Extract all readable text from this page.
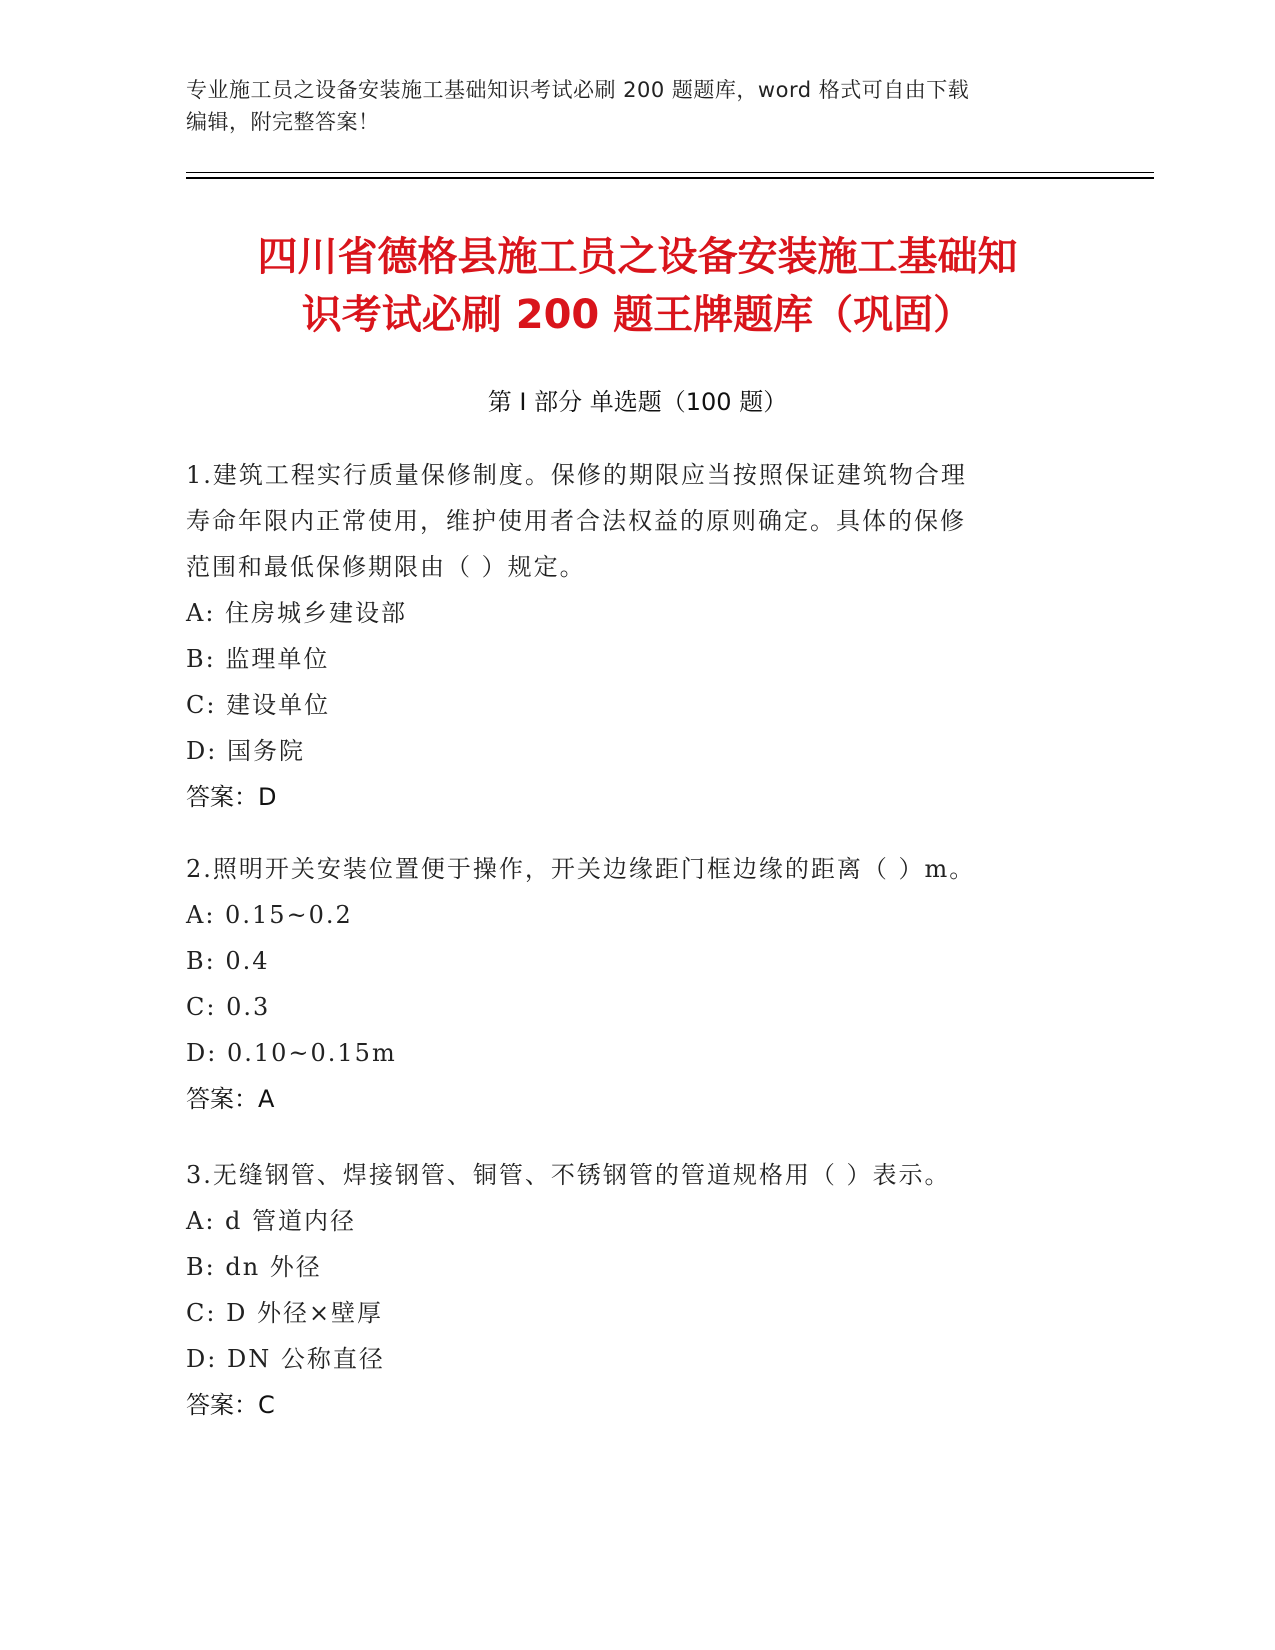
专业施工员之设备安装施工基础知识考试必刷 200 题题库，word 格式可自由下载
编辑，附完整答案！
四川省德格县施工员之设备安装施工基础知
识考试必刷 200 题王牌题库（巩固）
第 I 部分 单选题（100 题）
1.建筑工程实行质量保修制度。保修的期限应当按照保证建筑物合理
寿命年限内正常使用，维护使用者合法权益的原则确定。具体的保修
范围和最低保修期限由（ ）规定。
A: 住房城乡建设部
B: 监理单位
C: 建设单位
D: 国务院
答案：D
2.照明开关安装位置便于操作，开关边缘距门框边缘的距离（ ）m。
A: 0.15~0.2
B: 0.4
C: 0.3
D: 0.10~0.15m
答案：A
3.无缝钢管、焊接钢管、铜管、不锈钢管的管道规格用（ ）表示。
A: d 管道内径
B: dn 外径
C: D 外径×壁厚
D: DN 公称直径
答案：C
